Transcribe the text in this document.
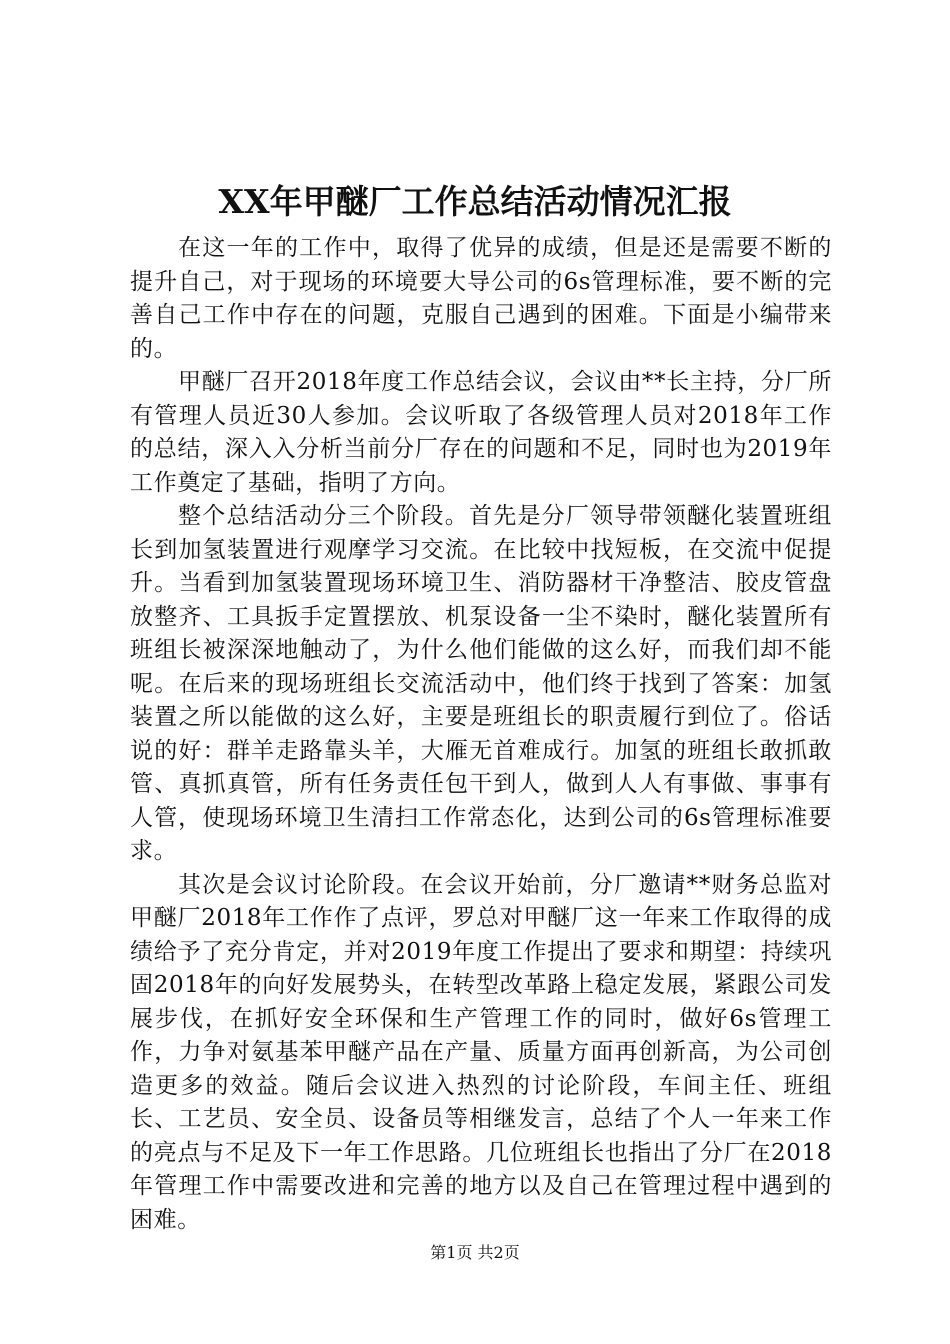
XX年甲醚厂工作总结活动情况汇报

在这一年的工作中，取得了优异的成绩，但是还是需要不断的提升自己，对于现场的环境要大导公司的6s管理标准，要不断的完善自己工作中存在的问题，克服自己遇到的困难。下面是小编带来的。

甲醚厂召开2018年度工作总结会议，会议由**长主持，分厂所有管理人员近30人参加。会议听取了各级管理人员对2018年工作的总结，深入入分析当前分厂存在的问题和不足，同时也为2019年工作奠定了基础，指明了方向。

整个总结活动分三个阶段。首先是分厂领导带领醚化装置班组长到加氢装置进行观摩学习交流。在比较中找短板，在交流中促提升。当看到加氢装置现场环境卫生、消防器材干净整洁、胶皮管盘放整齐、工具扳手定置摆放、机泵设备一尘不染时，醚化装置所有班组长被深深地触动了，为什么他们能做的这么好，而我们却不能呢。在后来的现场班组长交流活动中，他们终于找到了答案：加氢装置之所以能做的这么好，主要是班组长的职责履行到位了。俗话说的好：群羊走路靠头羊，大雁无首难成行。加氢的班组长敢抓敢管、真抓真管，所有任务责任包干到人，做到人人有事做、事事有人管，使现场环境卫生清扫工作常态化，达到公司的6s管理标准要求。

其次是会议讨论阶段。在会议开始前，分厂邀请**财务总监对甲醚厂2018年工作作了点评，罗总对甲醚厂这一年来工作取得的成绩给予了充分肯定，并对2019年度工作提出了要求和期望：持续巩固2018年的向好发展势头，在转型改革路上稳定发展，紧跟公司发展步伐，在抓好安全环保和生产管理工作的同时，做好6s管理工作，力争对氨基苯甲醚产品在产量、质量方面再创新高，为公司创造更多的效益。随后会议进入热烈的讨论阶段，车间主任、班组长、工艺员、安全员、设备员等相继发言，总结了个人一年来工作的亮点与不足及下一年工作思路。几位班组长也指出了分厂在2018年管理工作中需要改进和完善的地方以及自己在管理过程中遇到的困难。

第1页 共2页
